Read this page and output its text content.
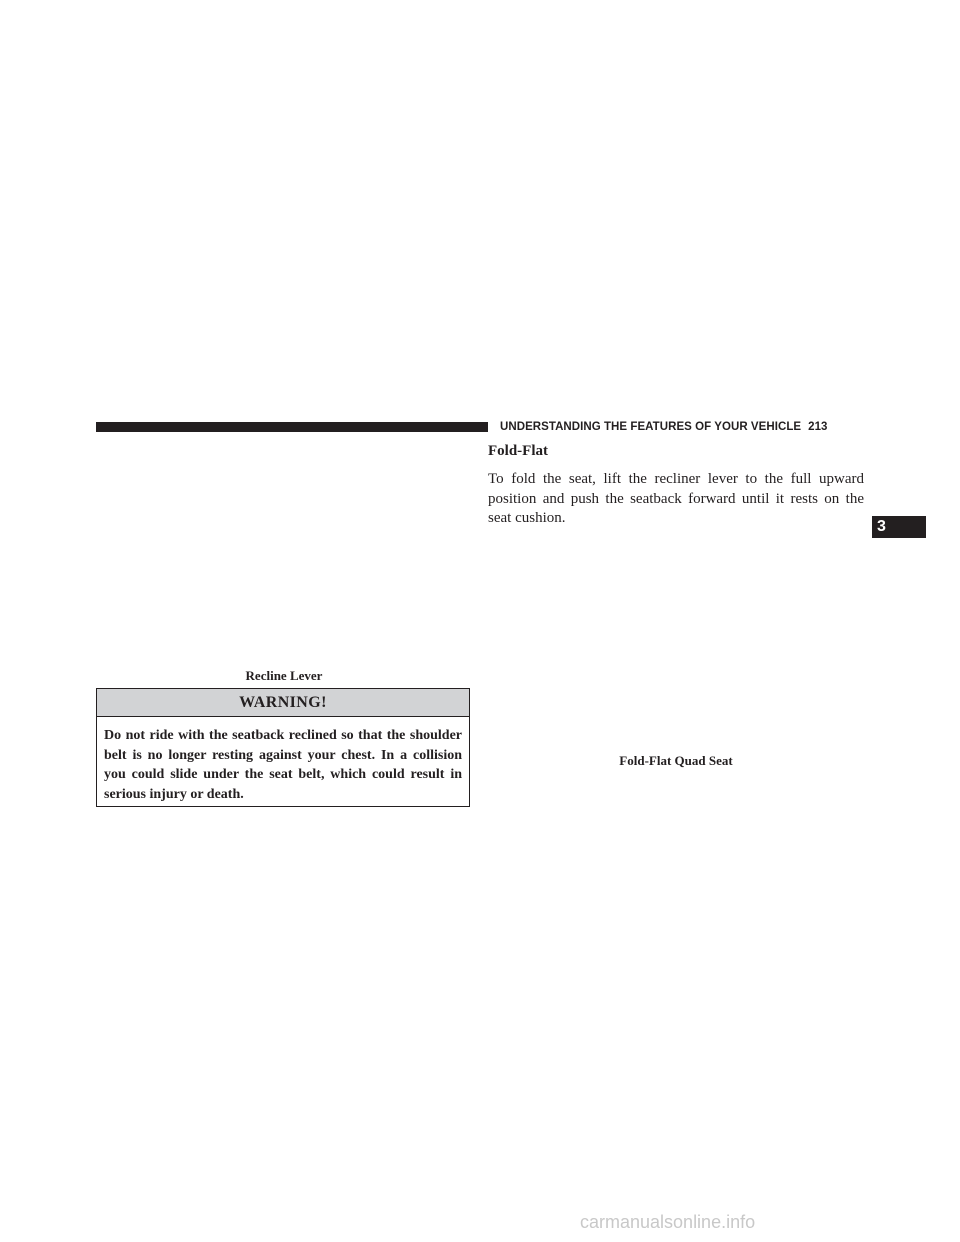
UNDERSTANDING THE FEATURES OF YOUR VEHICLE 213
3
Recline Lever
WARNING!
Do not ride with the seatback reclined so that the shoulder belt is no longer resting against your chest. In a collision you could slide under the seat belt, which could result in serious injury or death.
Fold-Flat
To fold the seat, lift the recliner lever to the full upward position and push the seatback forward until it rests on the seat cushion.
Fold-Flat Quad Seat
carmanualsonline.info
